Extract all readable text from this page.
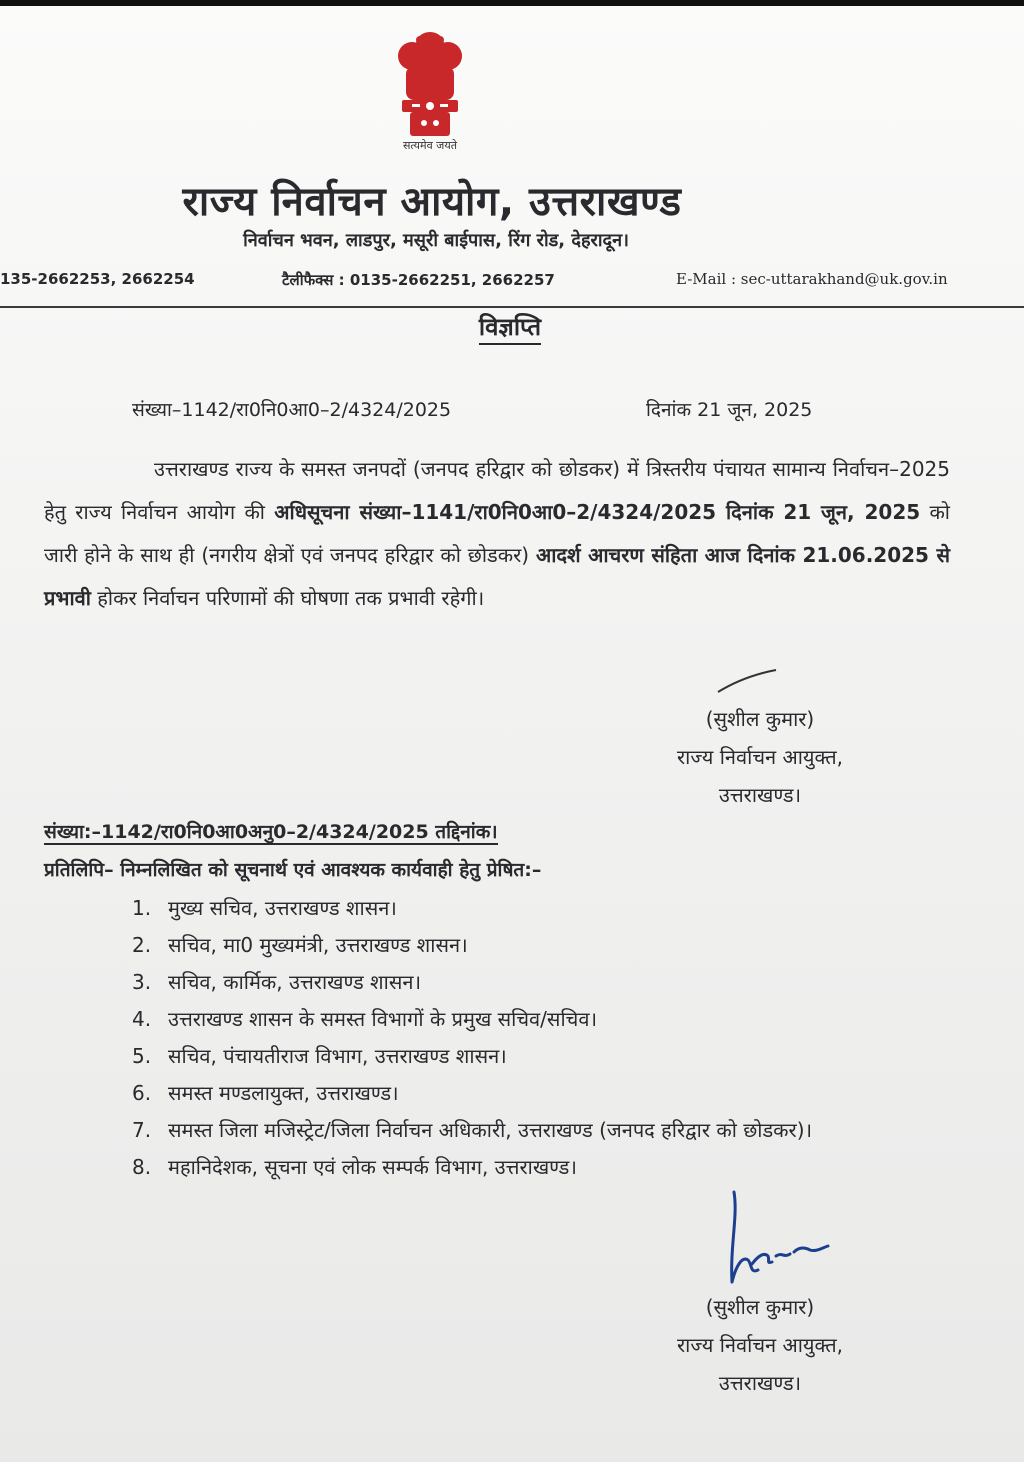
सत्यमेव जयते
राज्य निर्वाचन आयोग, उत्तराखण्ड
निर्वाचन भवन, लाडपुर, मसूरी बाईपास, रिंग रोड, देहरादून।
135-2662253, 2662254	टैलीफैक्स : 0135-2662251, 2662257	E-Mail : sec-uttarakhand@uk.gov.in
विज्ञप्ति
संख्या–1142/रा0नि0आ0–2/4324/2025	दिनांक 21 जून, 2025
उत्तराखण्ड राज्य के समस्त जनपदों (जनपद हरिद्वार को छोडकर) में त्रिस्तरीय पंचायत सामान्य निर्वाचन–2025 हेतु राज्य निर्वाचन आयोग की अधिसूचना संख्या–1141/रा0नि0आ0–2/4324/2025 दिनांक 21 जून, 2025 को जारी होने के साथ ही (नगरीय क्षेत्रों एवं जनपद हरिद्वार को छोडकर) आदर्श आचरण संहिता आज दिनांक 21.06.2025 से प्रभावी होकर निर्वाचन परिणामों की घोषणा तक प्रभावी रहेगी।
(सुशील कुमार)
राज्य निर्वाचन आयुक्त,
उत्तराखण्ड।
संख्या:–1142/रा0नि0आ0अनु0–2/4324/2025 तद्दिनांक।
प्रतिलिपि– निम्नलिखित को सूचनार्थ एवं आवश्यक कार्यवाही हेतु प्रेषित:–
1. मुख्य सचिव, उत्तराखण्ड शासन।
2. सचिव, मा0 मुख्यमंत्री, उत्तराखण्ड शासन।
3. सचिव, कार्मिक, उत्तराखण्ड शासन।
4. उत्तराखण्ड शासन के समस्त विभागों के प्रमुख सचिव/सचिव।
5. सचिव, पंचायतीराज विभाग, उत्तराखण्ड शासन।
6. समस्त मण्डलायुक्त, उत्तराखण्ड।
7. समस्त जिला मजिस्ट्रेट/जिला निर्वाचन अधिकारी, उत्तराखण्ड (जनपद हरिद्वार को छोडकर)।
8. महानिदेशक, सूचना एवं लोक सम्पर्क विभाग, उत्तराखण्ड।
(सुशील कुमार)
राज्य निर्वाचन आयुक्त,
उत्तराखण्ड।
